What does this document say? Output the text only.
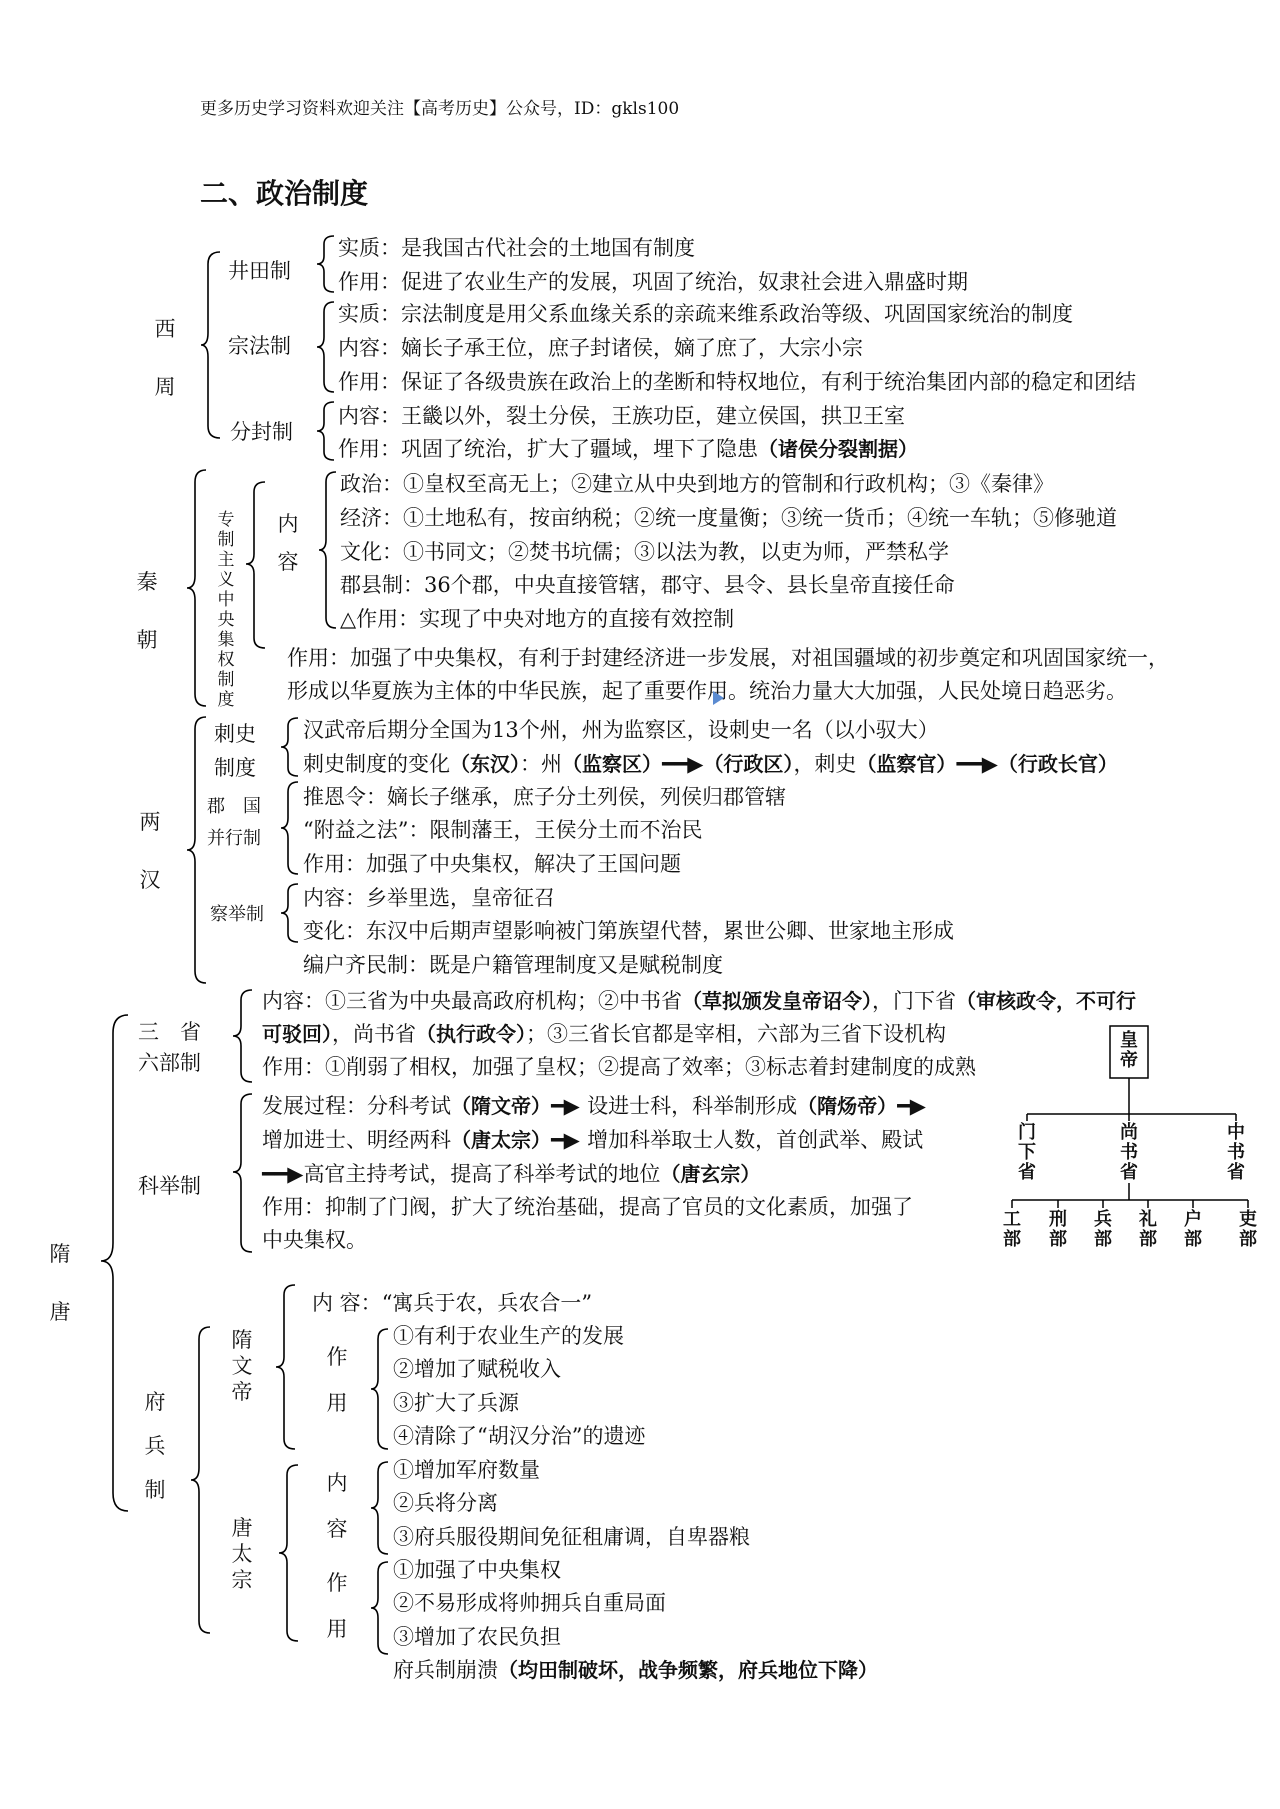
更多历史学习资料欢迎关注【高考历史】公众号，ID：gkls100
二、政治制度
西
周
井田制
实质：是我国古代社会的土地国有制度
作用：促进了农业生产的发展，巩固了统治，奴隶社会进入鼎盛时期
宗法制
实质：宗法制度是用父系血缘关系的亲疏来维系政治等级、巩固国家统治的制度
内容：嫡长子承王位，庶子封诸侯，嫡了庶了，大宗小宗
作用：保证了各级贵族在政治上的垄断和特权地位，有利于统治集团内部的稳定和团结
分封制
内容：王畿以外，裂土分侯，王族功臣，建立侯国，拱卫王室
作用：巩固了统治，扩大了疆域，埋下了隐患（诸侯分裂割据）
秦
朝
专制主义中央集权制度
内
容
政治：①皇权至高无上；②建立从中央到地方的管制和行政机构；③《秦律》
经济：①土地私有，按亩纳税；②统一度量衡；③统一货币；④统一车轨；⑤修驰道
文化：①书同文；②焚书坑儒；③以法为教，以吏为师，严禁私学
郡县制：36个郡，中央直接管辖，郡守、县令、县长皇帝直接任命
△作用：实现了中央对地方的直接有效控制
作用：加强了中央集权，有利于封建经济进一步发展，对祖国疆域的初步奠定和巩固国家统一，
形成以华夏族为主体的中华民族，起了重要作用。统治力量大大加强，人民处境日趋恶劣。
两
汉
刺史
制度
汉武帝后期分全国为13个州，州为监察区，设刺史一名（以小驭大）
刺史制度的变化（东汉）：州（监察区）━━▶（行政区），刺史（监察官）━━▶（行政长官）
郡　国
并行制
推恩令：嫡长子继承，庶子分土列侯，列侯归郡管辖
“附益之法”：限制藩王，王侯分土而不治民
作用：加强了中央集权，解决了王国问题
察举制
内容：乡举里选，皇帝征召
变化：东汉中后期声望影响被门第族望代替，累世公卿、世家地主形成
编户齐民制：既是户籍管理制度又是赋税制度
隋
唐
三　省
六部制
内容：①三省为中央最高政府机构；②中书省（草拟颁发皇帝诏令），门下省（审核政令，不可行
可驳回），尚书省（执行政令）；③三省长官都是宰相，六部为三省下设机构
作用：①削弱了相权，加强了皇权；②提高了效率；③标志着封建制度的成熟
科举制
发展过程：分科考试（隋文帝）━▶ 设进士科，科举制形成（隋炀帝）━▶
增加进士、明经两科（唐太宗）━▶ 增加科举取士人数，首创武举、殿试
━━▶高官主持考试，提高了科举考试的地位（唐玄宗）
作用：抑制了门阀，扩大了统治基础，提高了官员的文化素质，加强了
中央集权。
府
兵
制
隋文帝
内 容：“寓兵于农，兵农合一”
作
用
①有利于农业生产的发展
②增加了赋税收入
③扩大了兵源
④清除了“胡汉分治”的遗迹
唐太宗
内
容
①增加军府数量
②兵将分离
③府兵服役期间免征租庸调，自卑器粮
作
用
①加强了中央集权
②不易形成将帅拥兵自重局面
③增加了农民负担
府兵制崩溃（均田制破坏，战争频繁，府兵地位下降）
皇帝
门下省
尚书省
中书省
工部
刑部
兵部
礼部
户部
吏部
